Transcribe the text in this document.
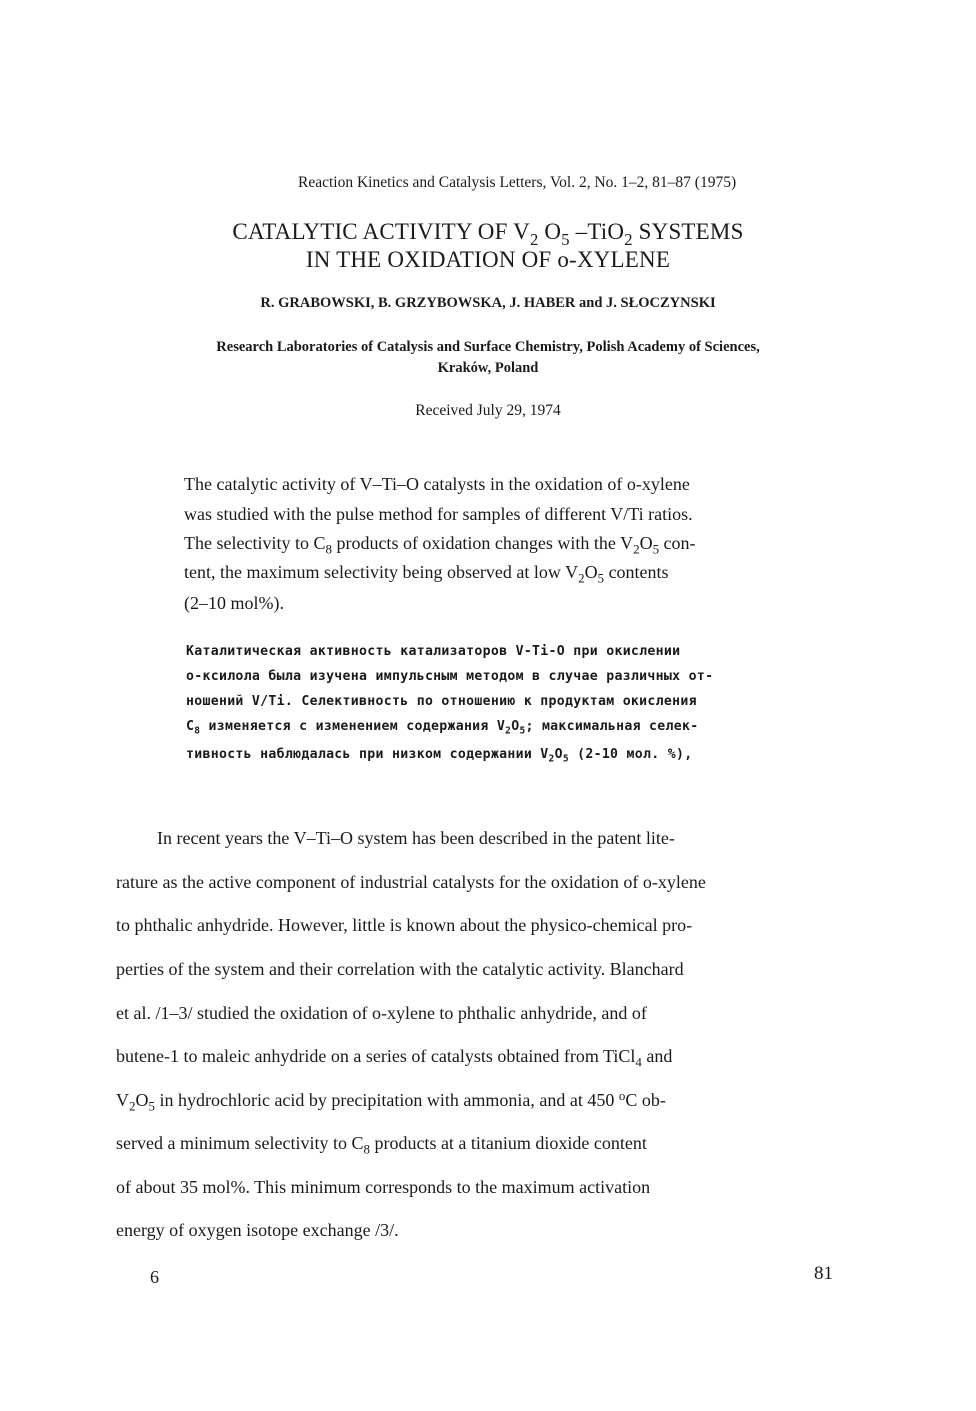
Reaction Kinetics and Catalysis Letters, Vol. 2, No. 1–2, 81–87 (1975)
CATALYTIC ACTIVITY OF $V_2$ $O_5$ –TiO$_2$ SYSTEMS
IN THE OXIDATION OF o-XYLENE
R. GRABOWSKI, B. GRZYBOWSKA, J. HABER and J. SŁOCZYNSKI
Research Laboratories of Catalysis and Surface Chemistry, Polish Academy of Sciences,
Kraków, Poland
Received July 29, 1974
The catalytic activity of V–Ti–O catalysts in the oxidation of o-xylene
was studied with the pulse method for samples of different V/Ti ratios.
The selectivity to $C_8$ products of oxidation changes with the $V_2O_5$ con-
tent, the maximum selectivity being observed at low $V_2O_5$ contents
(2–10 mol%).
Каталитическая активность катализаторов V-Ti-O при окислении
о-ксилола была изучена импульсным методом в случае различных от-
ношений V/Ti. Селективность по отношению к продуктам окисления
$C_8$ изменяется с изменением содержания $V_2O_5$; максимальная селек-
тивность наблюдалась при низком содержании $V_2O_5$ (2-10 мол. %),
In recent years the V–Ti–O system has been described in the patent lite-
rature as the active component of industrial catalysts for the oxidation of o-xylene
to phthalic anhydride. However, little is known about the physico-chemical pro-
perties of the system and their correlation with the catalytic activity. Blanchard
et al. /1–3/ studied the oxidation of o-xylene to phthalic anhydride, and of
butene-1 to maleic anhydride on a series of catalysts obtained from TiCl$_4$ and
$V_2O_5$ in hydrochloric acid by precipitation with ammonia, and at 450 $^o$C ob-
served a minimum selectivity to $C_8$ products at a titanium dioxide content
of about 35 mol%. This minimum corresponds to the maximum activation
energy of oxygen isotope exchange /3/.
6	81
